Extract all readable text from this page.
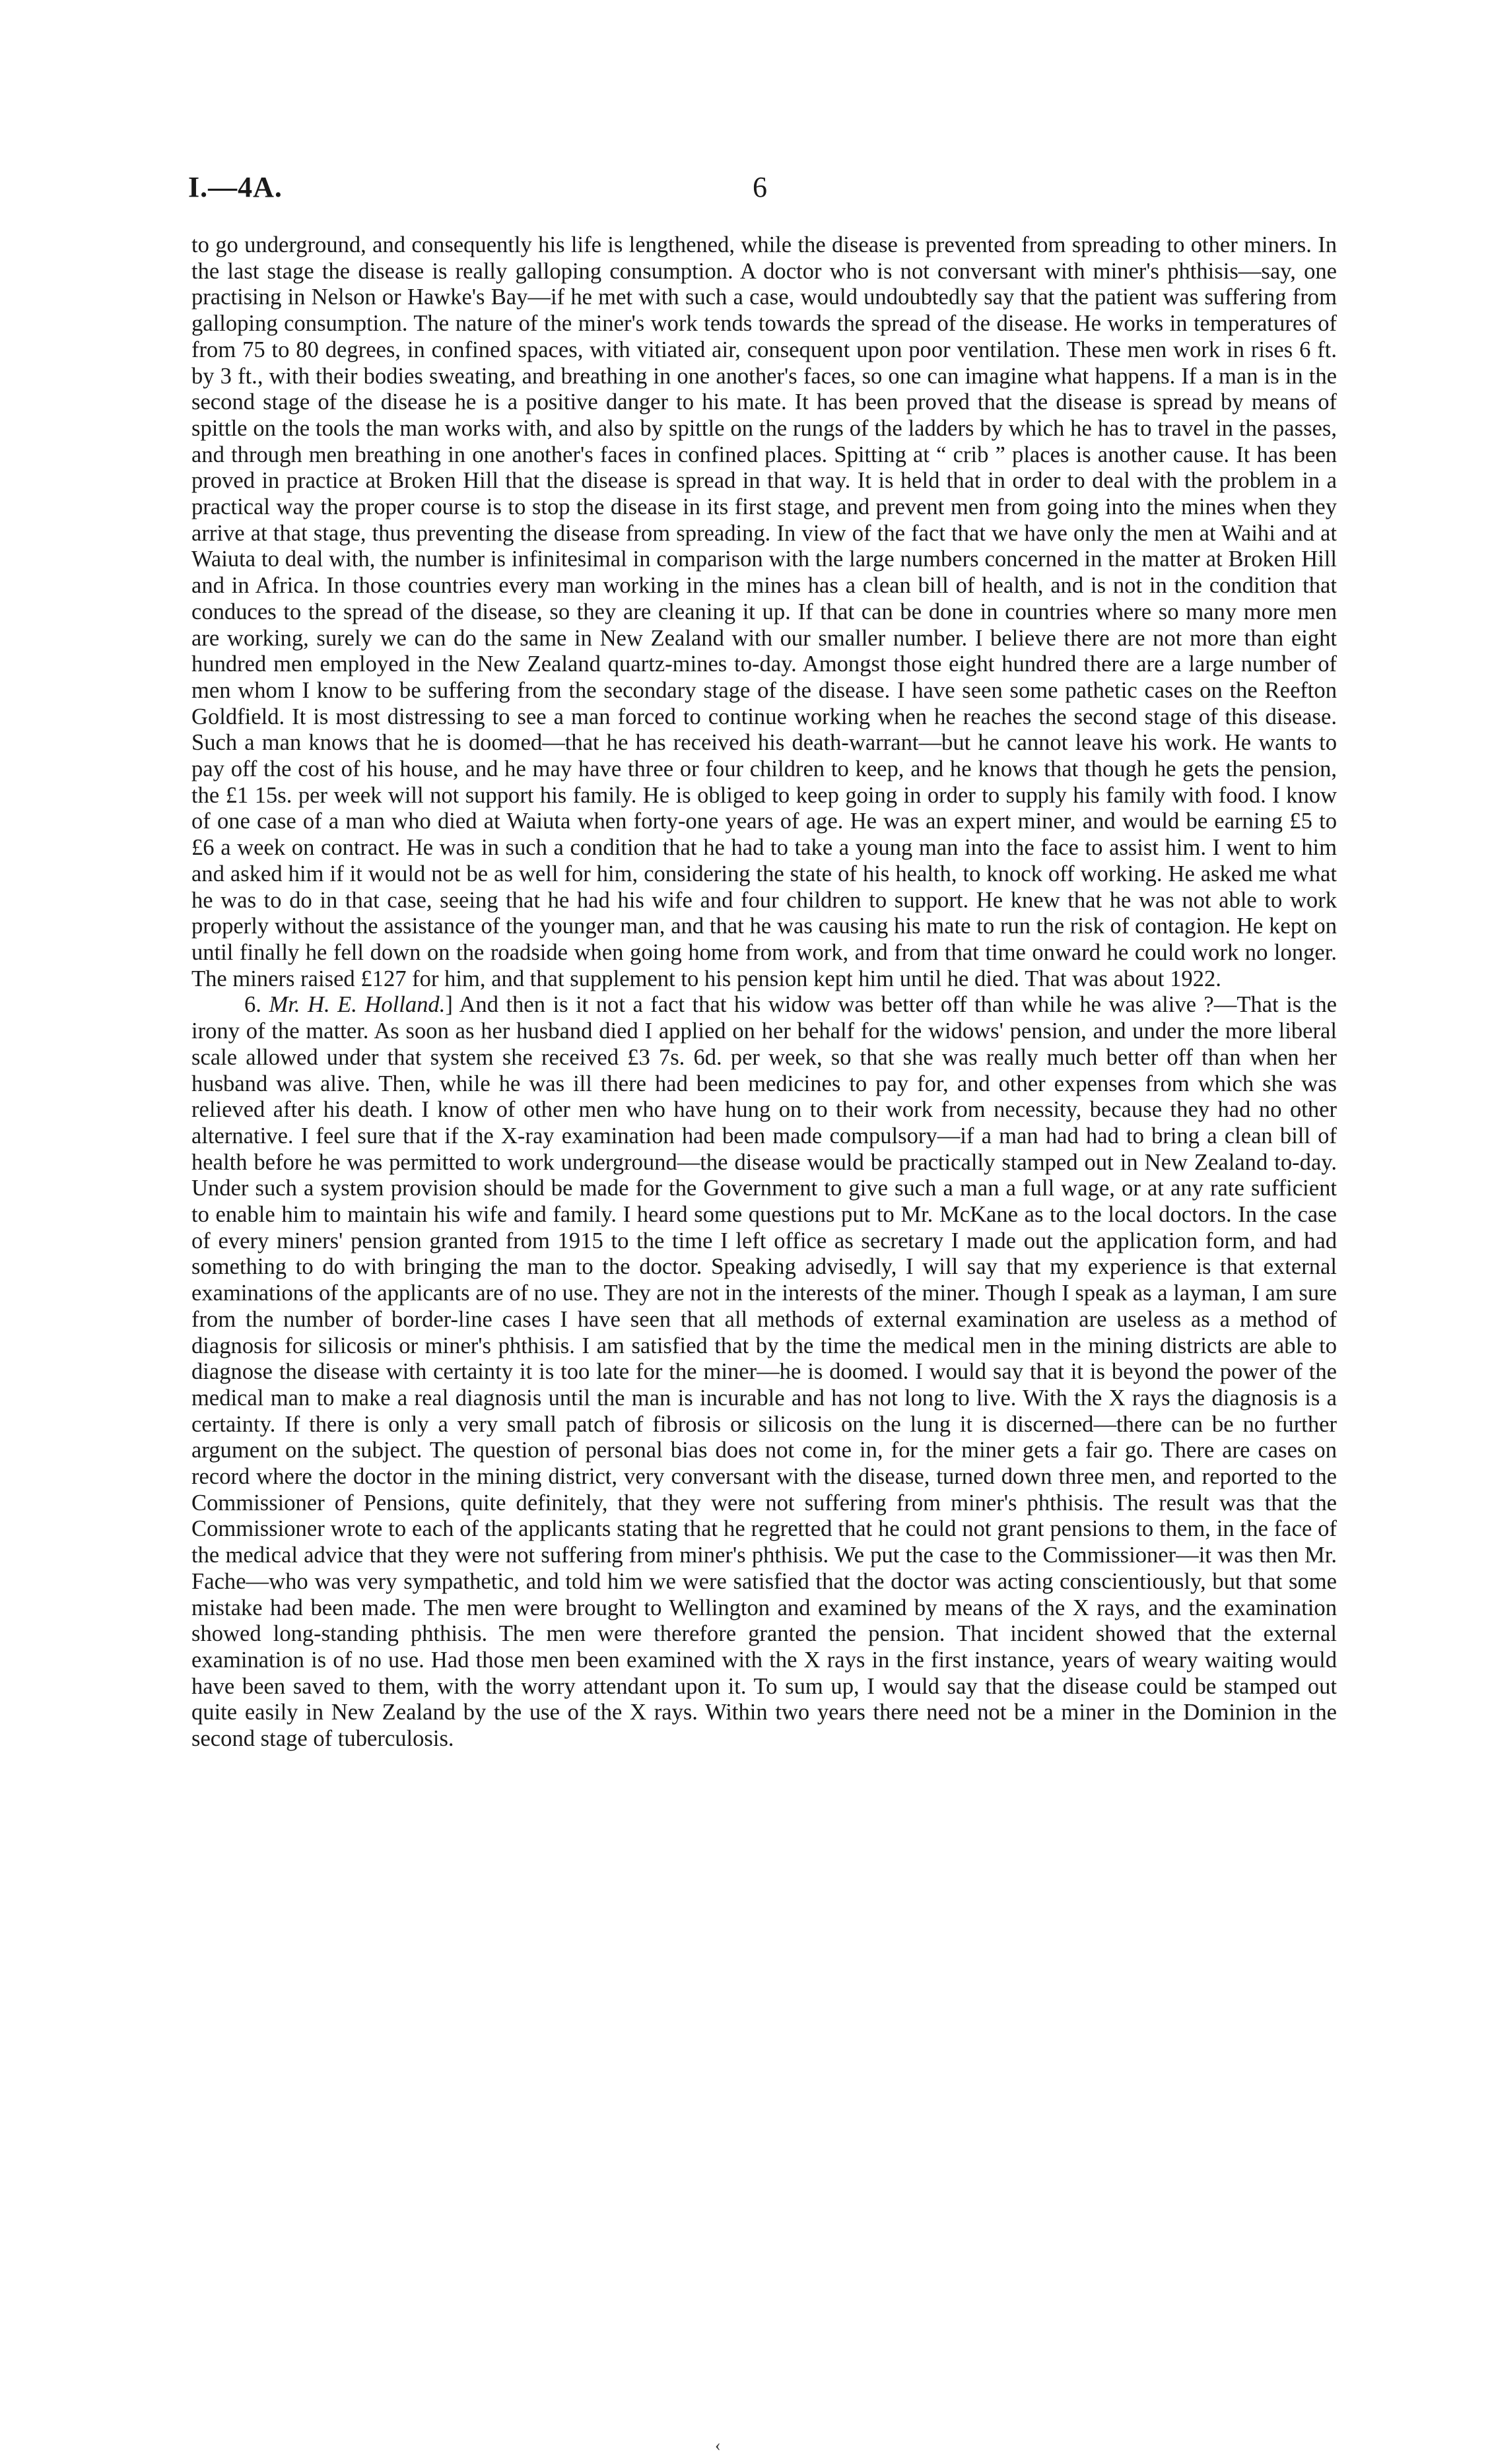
I.—4A.	6

to go underground, and consequently his life is lengthened, while the disease is prevented from spreading to other miners. In the last stage the disease is really galloping consumption. A doctor who is not conversant with miner's phthisis—say, one practising in Nelson or Hawke's Bay—if he met with such a case, would undoubtedly say that the patient was suffering from galloping consumption. The nature of the miner's work tends towards the spread of the disease. He works in temperatures of from 75 to 80 degrees, in confined spaces, with vitiated air, consequent upon poor ventilation. These men work in rises 6 ft. by 3 ft., with their bodies sweating, and breathing in one another's faces, so one can imagine what happens. If a man is in the second stage of the disease he is a positive danger to his mate. It has been proved that the disease is spread by means of spittle on the tools the man works with, and also by spittle on the rungs of the ladders by which he has to travel in the passes, and through men breathing in one another's faces in confined places. Spitting at “ crib ” places is another cause. It has been proved in practice at Broken Hill that the disease is spread in that way. It is held that in order to deal with the problem in a practical way the proper course is to stop the disease in its first stage, and prevent men from going into the mines when they arrive at that stage, thus preventing the disease from spreading. In view of the fact that we have only the men at Waihi and at Waiuta to deal with, the number is infinitesimal in comparison with the large numbers concerned in the matter at Broken Hill and in Africa. In those countries every man working in the mines has a clean bill of health, and is not in the condition that conduces to the spread of the disease, so they are cleaning it up. If that can be done in countries where so many more men are working, surely we can do the same in New Zealand with our smaller number. I believe there are not more than eight hundred men employed in the New Zealand quartz-mines to-day. Amongst those eight hundred there are a large number of men whom I know to be suffering from the secondary stage of the disease. I have seen some pathetic cases on the Reefton Goldfield. It is most distressing to see a man forced to continue working when he reaches the second stage of this disease. Such a man knows that he is doomed—that he has received his death-warrant—but he cannot leave his work. He wants to pay off the cost of his house, and he may have three or four children to keep, and he knows that though he gets the pension, the £1 15s. per week will not support his family. He is obliged to keep going in order to supply his family with food. I know of one case of a man who died at Waiuta when forty-one years of age. He was an expert miner, and would be earning £5 to £6 a week on contract. He was in such a condition that he had to take a young man into the face to assist him. I went to him and asked him if it would not be as well for him, considering the state of his health, to knock off working. He asked me what he was to do in that case, seeing that he had his wife and four children to support. He knew that he was not able to work properly without the assistance of the younger man, and that he was causing his mate to run the risk of contagion. He kept on until finally he fell down on the roadside when going home from work, and from that time onward he could work no longer. The miners raised £127 for him, and that supplement to his pension kept him until he died. That was about 1922.

6. Mr. H. E. Holland.] And then is it not a fact that his widow was better off than while he was alive ?—That is the irony of the matter. As soon as her husband died I applied on her behalf for the widows' pension, and under the more liberal scale allowed under that system she received £3 7s. 6d. per week, so that she was really much better off than when her husband was alive. Then, while he was ill there had been medicines to pay for, and other expenses from which she was relieved after his death. I know of other men who have hung on to their work from necessity, because they had no other alternative. I feel sure that if the X-ray examination had been made compulsory—if a man had had to bring a clean bill of health before he was permitted to work underground—the disease would be practically stamped out in New Zealand to-day. Under such a system provision should be made for the Government to give such a man a full wage, or at any rate sufficient to enable him to maintain his wife and family. I heard some questions put to Mr. McKane as to the local doctors. In the case of every miners' pension granted from 1915 to the time I left office as secretary I made out the application form, and had something to do with bringing the man to the doctor. Speaking advisedly, I will say that my experience is that external examinations of the applicants are of no use. They are not in the interests of the miner. Though I speak as a layman, I am sure from the number of border-line cases I have seen that all methods of external examination are useless as a method of diagnosis for silicosis or miner's phthisis. I am satisfied that by the time the medical men in the mining districts are able to diagnose the disease with certainty it is too late for the miner—he is doomed. I would say that it is beyond the power of the medical man to make a real diagnosis until the man is incurable and has not long to live. With the X rays the diagnosis is a certainty. If there is only a very small patch of fibrosis or silicosis on the lung it is discerned—there can be no further argument on the subject. The question of personal bias does not come in, for the miner gets a fair go. There are cases on record where the doctor in the mining district, very conversant with the disease, turned down three men, and reported to the Commissioner of Pensions, quite definitely, that they were not suffering from miner's phthisis. The result was that the Commissioner wrote to each of the applicants stating that he regretted that he could not grant pensions to them, in the face of the medical advice that they were not suffering from miner's phthisis. We put the case to the Commissioner—it was then Mr. Fache—who was very sympathetic, and told him we were satisfied that the doctor was acting conscientiously, but that some mistake had been made. The men were brought to Wellington and examined by means of the X rays, and the examination showed long-standing phthisis. The men were therefore granted the pension. That incident showed that the external examination is of no use. Had those men been examined with the X rays in the first instance, years of weary waiting would have been saved to them, with the worry attendant upon it. To sum up, I would say that the disease could be stamped out quite easily in New Zealand by the use of the X rays. Within two years there need not be a miner in the Dominion in the second stage of tuberculosis.

‹
